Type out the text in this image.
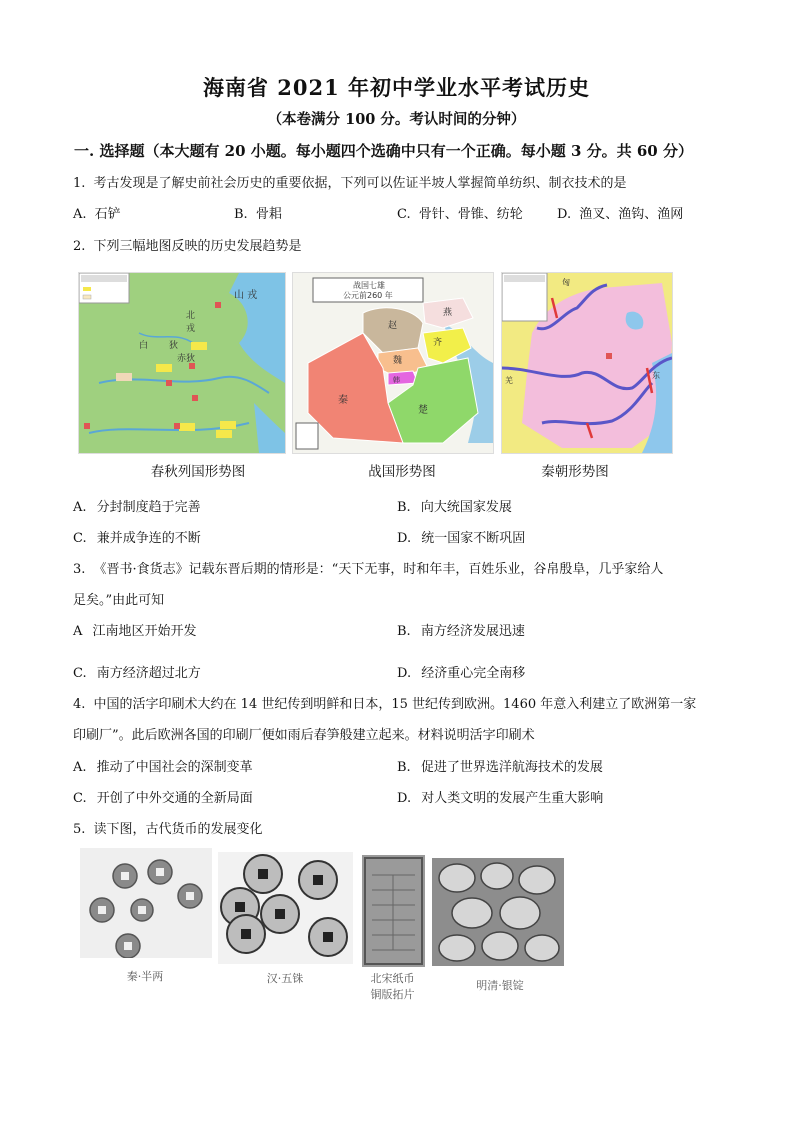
海南省 2021 年初中学业水平考试历史
（本卷满分 100 分。考认时间的分钟）
一. 选择题（本大题有 20 小题。每小题四个选确中只有一个正确。每小题 3 分。共 60 分）
1. 考古发现是了解史前社会历史的重要依据，下列可以佐证半坡人掌握简单纺织、制衣技术的是
A. 石铲	B. 骨耜	C. 骨针、骨锥、纺轮	D. 渔叉、渔钩、渔网
2. 下列三幅地图反映的历史发展趋势是
山 戎
北
戎
白 狄
赤狄
战国七雄
公元前260 年
赵
燕
齐
魏
韩
秦
楚
羌
匈
东
春秋列国形势图	战国形势图	秦朝形势图
A. 分封制度趋于完善	B. 向大统国家发展
C. 兼并成争连的不断	D. 统一国家不断巩固
3. 《晋书·食货志》记载东晋后期的情形是：“天下无事，时和年丰，百姓乐业，谷帛殷阜，几乎家给人
足矣。”由此可知
A 江南地区开始开发	B. 南方经济发展迅速
C. 南方经济超过北方	D. 经济重心完全南移
4. 中国的活字印刷术大约在 14 世纪传到明鲜和日本，15 世纪传到欧洲。1460 年意入利建立了欧洲第一家
印刷厂”。此后欧洲各国的印刷厂便如雨后春笋般建立起来。材料说明活字印刷术
A. 推动了中国社会的深制变革	B. 促进了世界选洋航海技术的发展
C. 开创了中外交通的全新局面	D. 对人类文明的发展产生重大影响
5. 读下图，古代货币的发展变化
秦·半两	汉·五铢	北宋纸币
铜版拓片
明清·银锭
